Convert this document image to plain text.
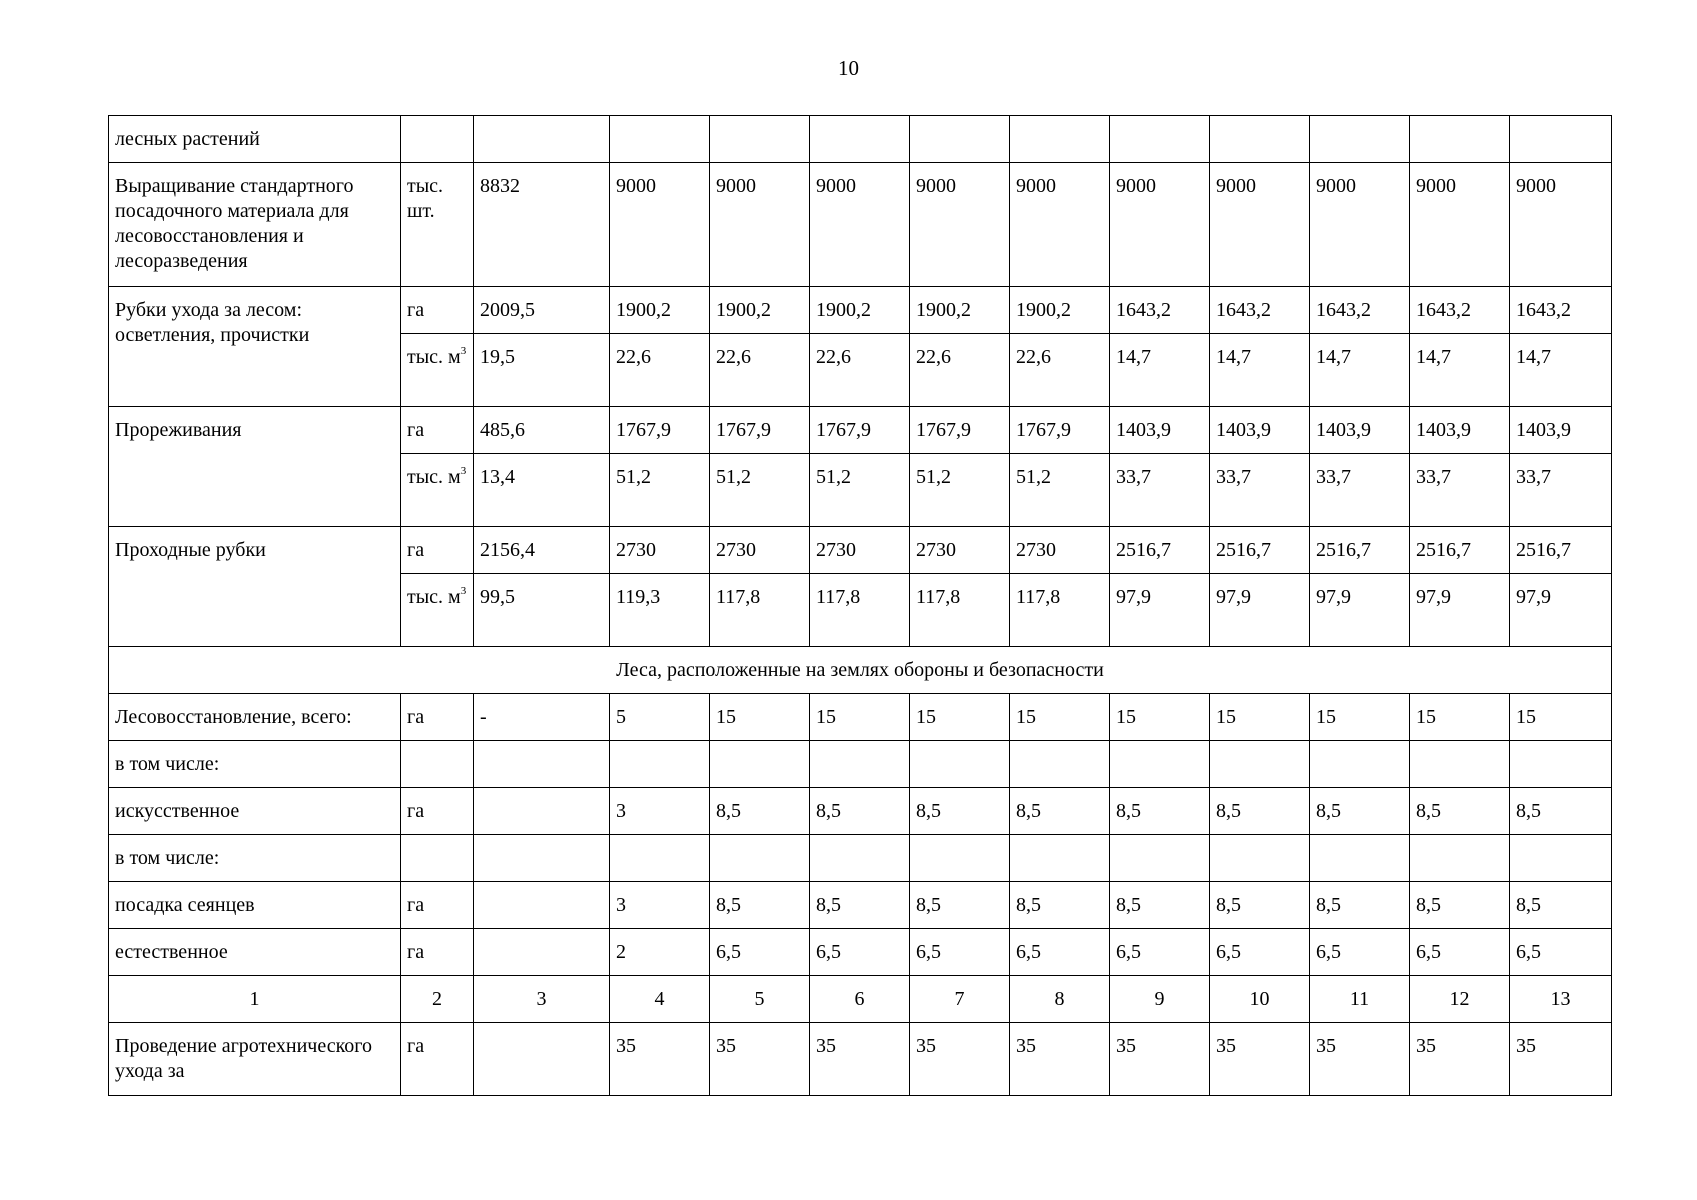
10
лесных растений												
Выращивание стандартного посадочного материала для лесовосстановления и лесоразведения	тыс. шт.	8832	9000	9000	9000	9000	9000	9000	9000	9000	9000	9000
Рубки ухода за лесом: осветления, прочистки	га	2009,5	1900,2	1900,2	1900,2	1900,2	1900,2	1643,2	1643,2	1643,2	1643,2	1643,2
	тыс. $м^3$	19,5	22,6	22,6	22,6	22,6	22,6	14,7	14,7	14,7	14,7	14,7
Прореживания	га	485,6	1767,9	1767,9	1767,9	1767,9	1767,9	1403,9	1403,9	1403,9	1403,9	1403,9
	тыс. $м^3$	13,4	51,2	51,2	51,2	51,2	51,2	33,7	33,7	33,7	33,7	33,7
Проходные рубки	га	2156,4	2730	2730	2730	2730	2730	2516,7	2516,7	2516,7	2516,7	2516,7
	тыс. $м^3$	99,5	119,3	117,8	117,8	117,8	117,8	97,9	97,9	97,9	97,9	97,9
Леса, расположенные на землях обороны и безопасности												
Лесовосстановление, всего:	га	-	5	15	15	15	15	15	15	15	15	15
в том числе:												
искусственное	га		3	8,5	8,5	8,5	8,5	8,5	8,5	8,5	8,5	8,5
в том числе:												
посадка сеянцев	га		3	8,5	8,5	8,5	8,5	8,5	8,5	8,5	8,5	8,5
естественное	га		2	6,5	6,5	6,5	6,5	6,5	6,5	6,5	6,5	6,5
1	2	3	4	5	6	7	8	9	10	11	12	13
Проведение агротехнического ухода за	га		35	35	35	35	35	35	35	35	35	35
